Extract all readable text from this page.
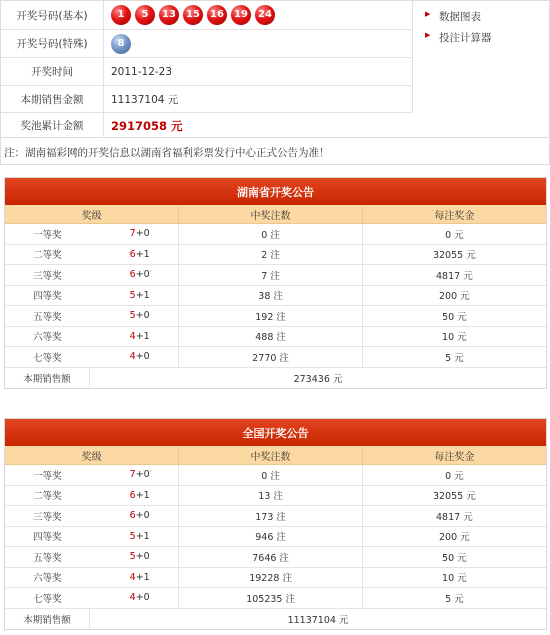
开奖号码(基本)	1	5	13	15	16	19	24
开奖号码(特殊)	8
开奖时间	2011-12-23
本期销售金额	11137104 元
奖池累计金额	2917058 元
▶ 数据图表
▶ 投注计算器
注：湖南福彩网的开奖信息以湖南省福利彩票发行中心正式公告为准！
湖南省开奖公告
奖级	中奖注数	每注奖金
一等奖	7 +0	0 注	0 元
二等奖	6 +1	2 注	32055 元
三等奖	6 +0	7 注	4817 元
四等奖	5 +1	38 注	200 元
五等奖	5 +0	192 注	50 元
六等奖	4 +1	488 注	10 元
七等奖	4 +0	2770 注	5 元
本期销售额	273436 元
全国开奖公告
奖级	中奖注数	每注奖金
一等奖	7 +0	0 注	0 元
二等奖	6 +1	13 注	32055 元
三等奖	6 +0	173 注	4817 元
四等奖	5 +1	946 注	200 元
五等奖	5 +0	7646 注	50 元
六等奖	4 +1	19228 注	10 元
七等奖	4 +0	105235 注	5 元
本期销售额	11137104 元
